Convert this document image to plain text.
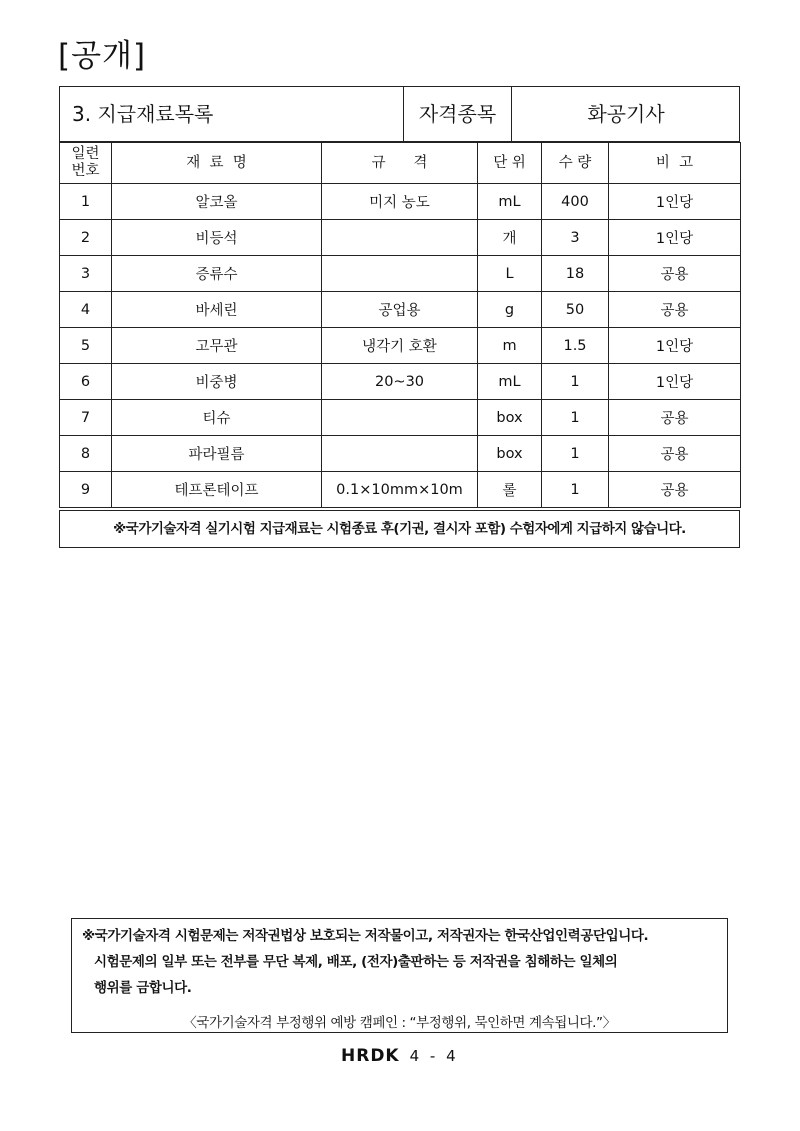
[공개]
3. 지급재료목록	자격종목	화공기사
일련
번호	재  료  명	규      격	단 위	수 량	비  고
1	알코올	미지 농도	mL	400	1인당
2	비등석		개	3	1인당
3	증류수		L	18	공용
4	바세린	공업용	g	50	공용
5	고무관	냉각기 호환	m	1.5	1인당
6	비중병	20~30	mL	1	1인당
7	티슈		box	1	공용
8	파라필름		box	1	공용
9	테프론테이프	0.1×10mm×10m	롤	1	공용
※국가기술자격 실기시험 지급재료는 시험종료 후(기권, 결시자 포함) 수험자에게 지급하지 않습니다.

※국가기술자격 시험문제는 저작권법상 보호되는 저작물이고, 저작권자는 한국산업인력공단입니다.

시험문제의 일부 또는 전부를 무단 복제, 배포, (전자)출판하는 등 저작권을 침해하는 일체의

행위를 금합니다.

〈국가기술자격 부정행위 예방 캠페인 : “부정행위, 묵인하면 계속됩니다.”〉

HRDK 4 - 4
